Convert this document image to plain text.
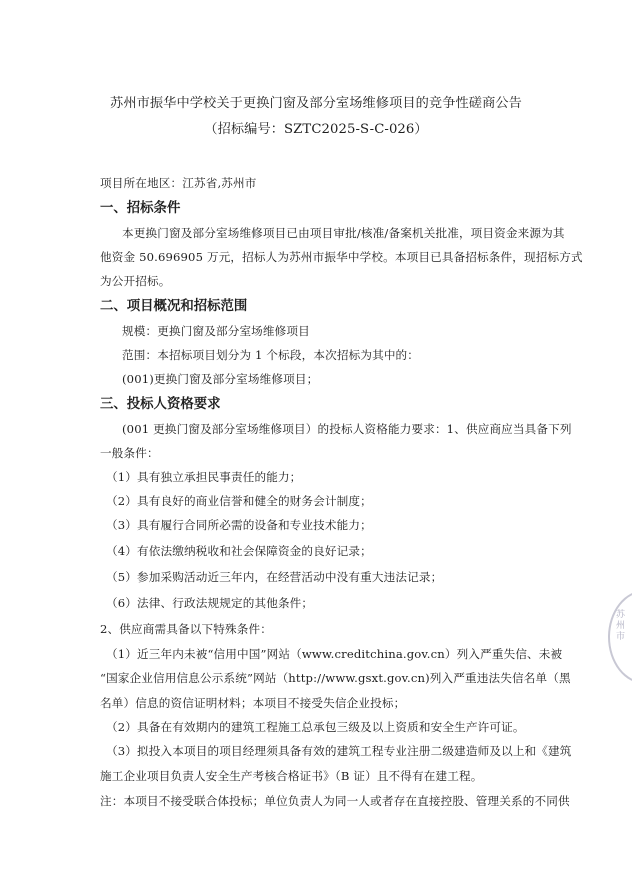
苏州市振华中学校关于更换门窗及部分室场维修项目的竞争性磋商公告
（招标编号：SZTC2025-S-C-026）
项目所在地区：江苏省,苏州市
一、招标条件
本更换门窗及部分室场维修项目已由项目审批/核准/备案机关批准，项目资金来源为其
他资金 50.696905 万元，招标人为苏州市振华中学校。本项目已具备招标条件，现招标方式
为公开招标。
二、项目概况和招标范围
规模：更换门窗及部分室场维修项目
范围：本招标项目划分为 1 个标段，本次招标为其中的：
(001)更换门窗及部分室场维修项目；
三、投标人资格要求
(001 更换门窗及部分室场维修项目）的投标人资格能力要求：1、供应商应当具备下列
一般条件：
（1）具有独立承担民事责任的能力；
（2）具有良好的商业信誉和健全的财务会计制度；
（3）具有履行合同所必需的设备和专业技术能力；
（4）有依法缴纳税收和社会保障资金的良好记录；
（5）参加采购活动近三年内，在经营活动中没有重大违法记录；
（6）法律、行政法规规定的其他条件；
2、供应商需具备以下特殊条件：
（1）近三年内未被“信用中国”网站（www.creditchina.gov.cn）列入严重失信、未被
“国家企业信用信息公示系统”网站（http://www.gsxt.gov.cn)列入严重违法失信名单（黑
名单）信息的资信证明材料；本项目不接受失信企业投标；
（2）具备在有效期内的建筑工程施工总承包三级及以上资质和安全生产许可证。
（3）拟投入本项目的项目经理须具备有效的建筑工程专业注册二级建造师及以上和《建筑
施工企业项目负责人安全生产考核合格证书》（B 证）且不得有在建工程。
注：本项目不接受联合体投标；单位负责人为同一人或者存在直接控股、管理关系的不同供
苏州市
